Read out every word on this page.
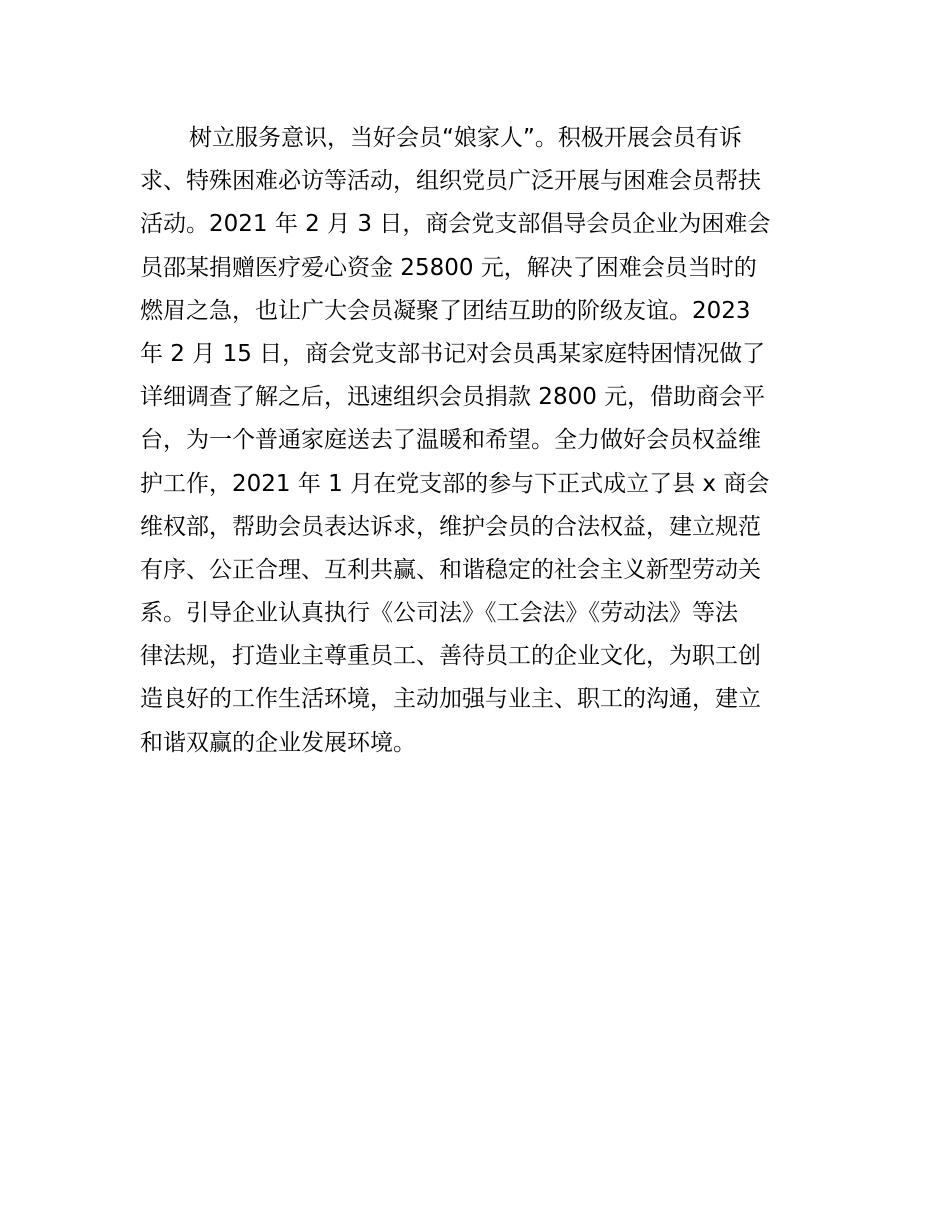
树立服务意识，当好会员“娘家人”。积极开展会员有诉
求、特殊困难必访等活动，组织党员广泛开展与困难会员帮扶
活动。2021 年 2 月 3 日，商会党支部倡导会员企业为困难会
员邵某捐赠医疗爱心资金 25800 元，解决了困难会员当时的
燃眉之急，也让广大会员凝聚了团结互助的阶级友谊。2023
年 2 月 15 日，商会党支部书记对会员禹某家庭特困情况做了
详细调查了解之后，迅速组织会员捐款 2800 元，借助商会平
台，为一个普通家庭送去了温暖和希望。全力做好会员权益维
护工作，2021 年 1 月在党支部的参与下正式成立了县 x 商会
维权部，帮助会员表达诉求，维护会员的合法权益，建立规范
有序、公正合理、互利共赢、和谐稳定的社会主义新型劳动关
系。引导企业认真执行《公司法》《工会法》《劳动法》等法
律法规，打造业主尊重员工、善待员工的企业文化，为职工创
造良好的工作生活环境，主动加强与业主、职工的沟通，建立
和谐双赢的企业发展环境。
